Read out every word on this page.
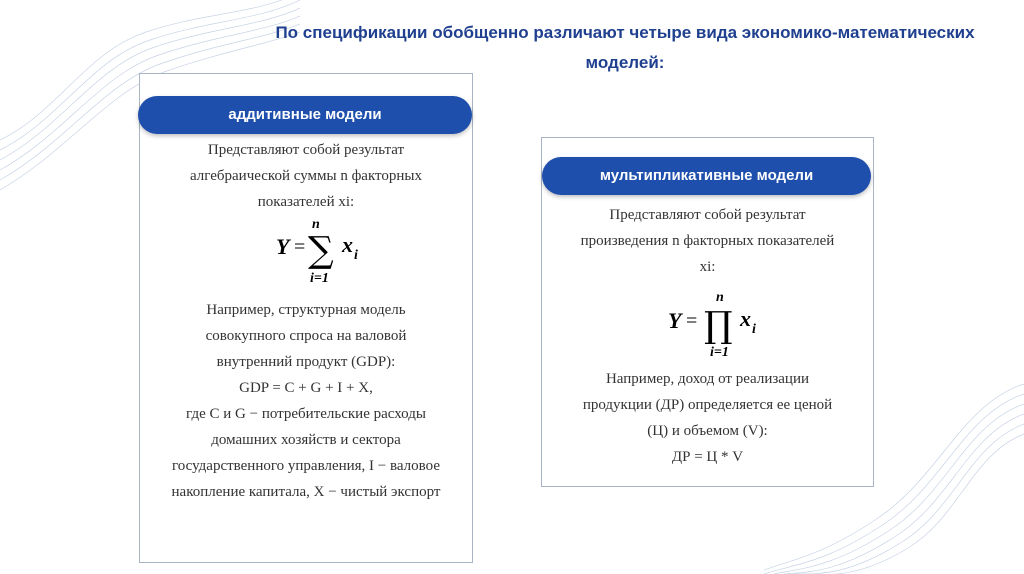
По спецификации обобщенно различают четыре вида экономико-математических
моделей:
аддитивные модели
Представляют собой результат
алгебраической суммы n факторных
показателей xi:
Y =
n
∑
i=1
x i
Например, структурная модель
совокупного спроса на валовой
внутренний продукт (GDP):
GDP = C + G + I + X,
где C и G − потребительские расходы
домашних хозяйств и сектора
государственного управления, I − валовое
накопление капитала, X − чистый экспорт
мультипликативные модели
Представляют собой результат
произведения n факторных показателей
xi:
Y =
n
∏
i=1
x i
Например, доход от реализации
продукции (ДР) определяется ее ценой
(Ц) и объемом (V):
ДР = Ц * V
